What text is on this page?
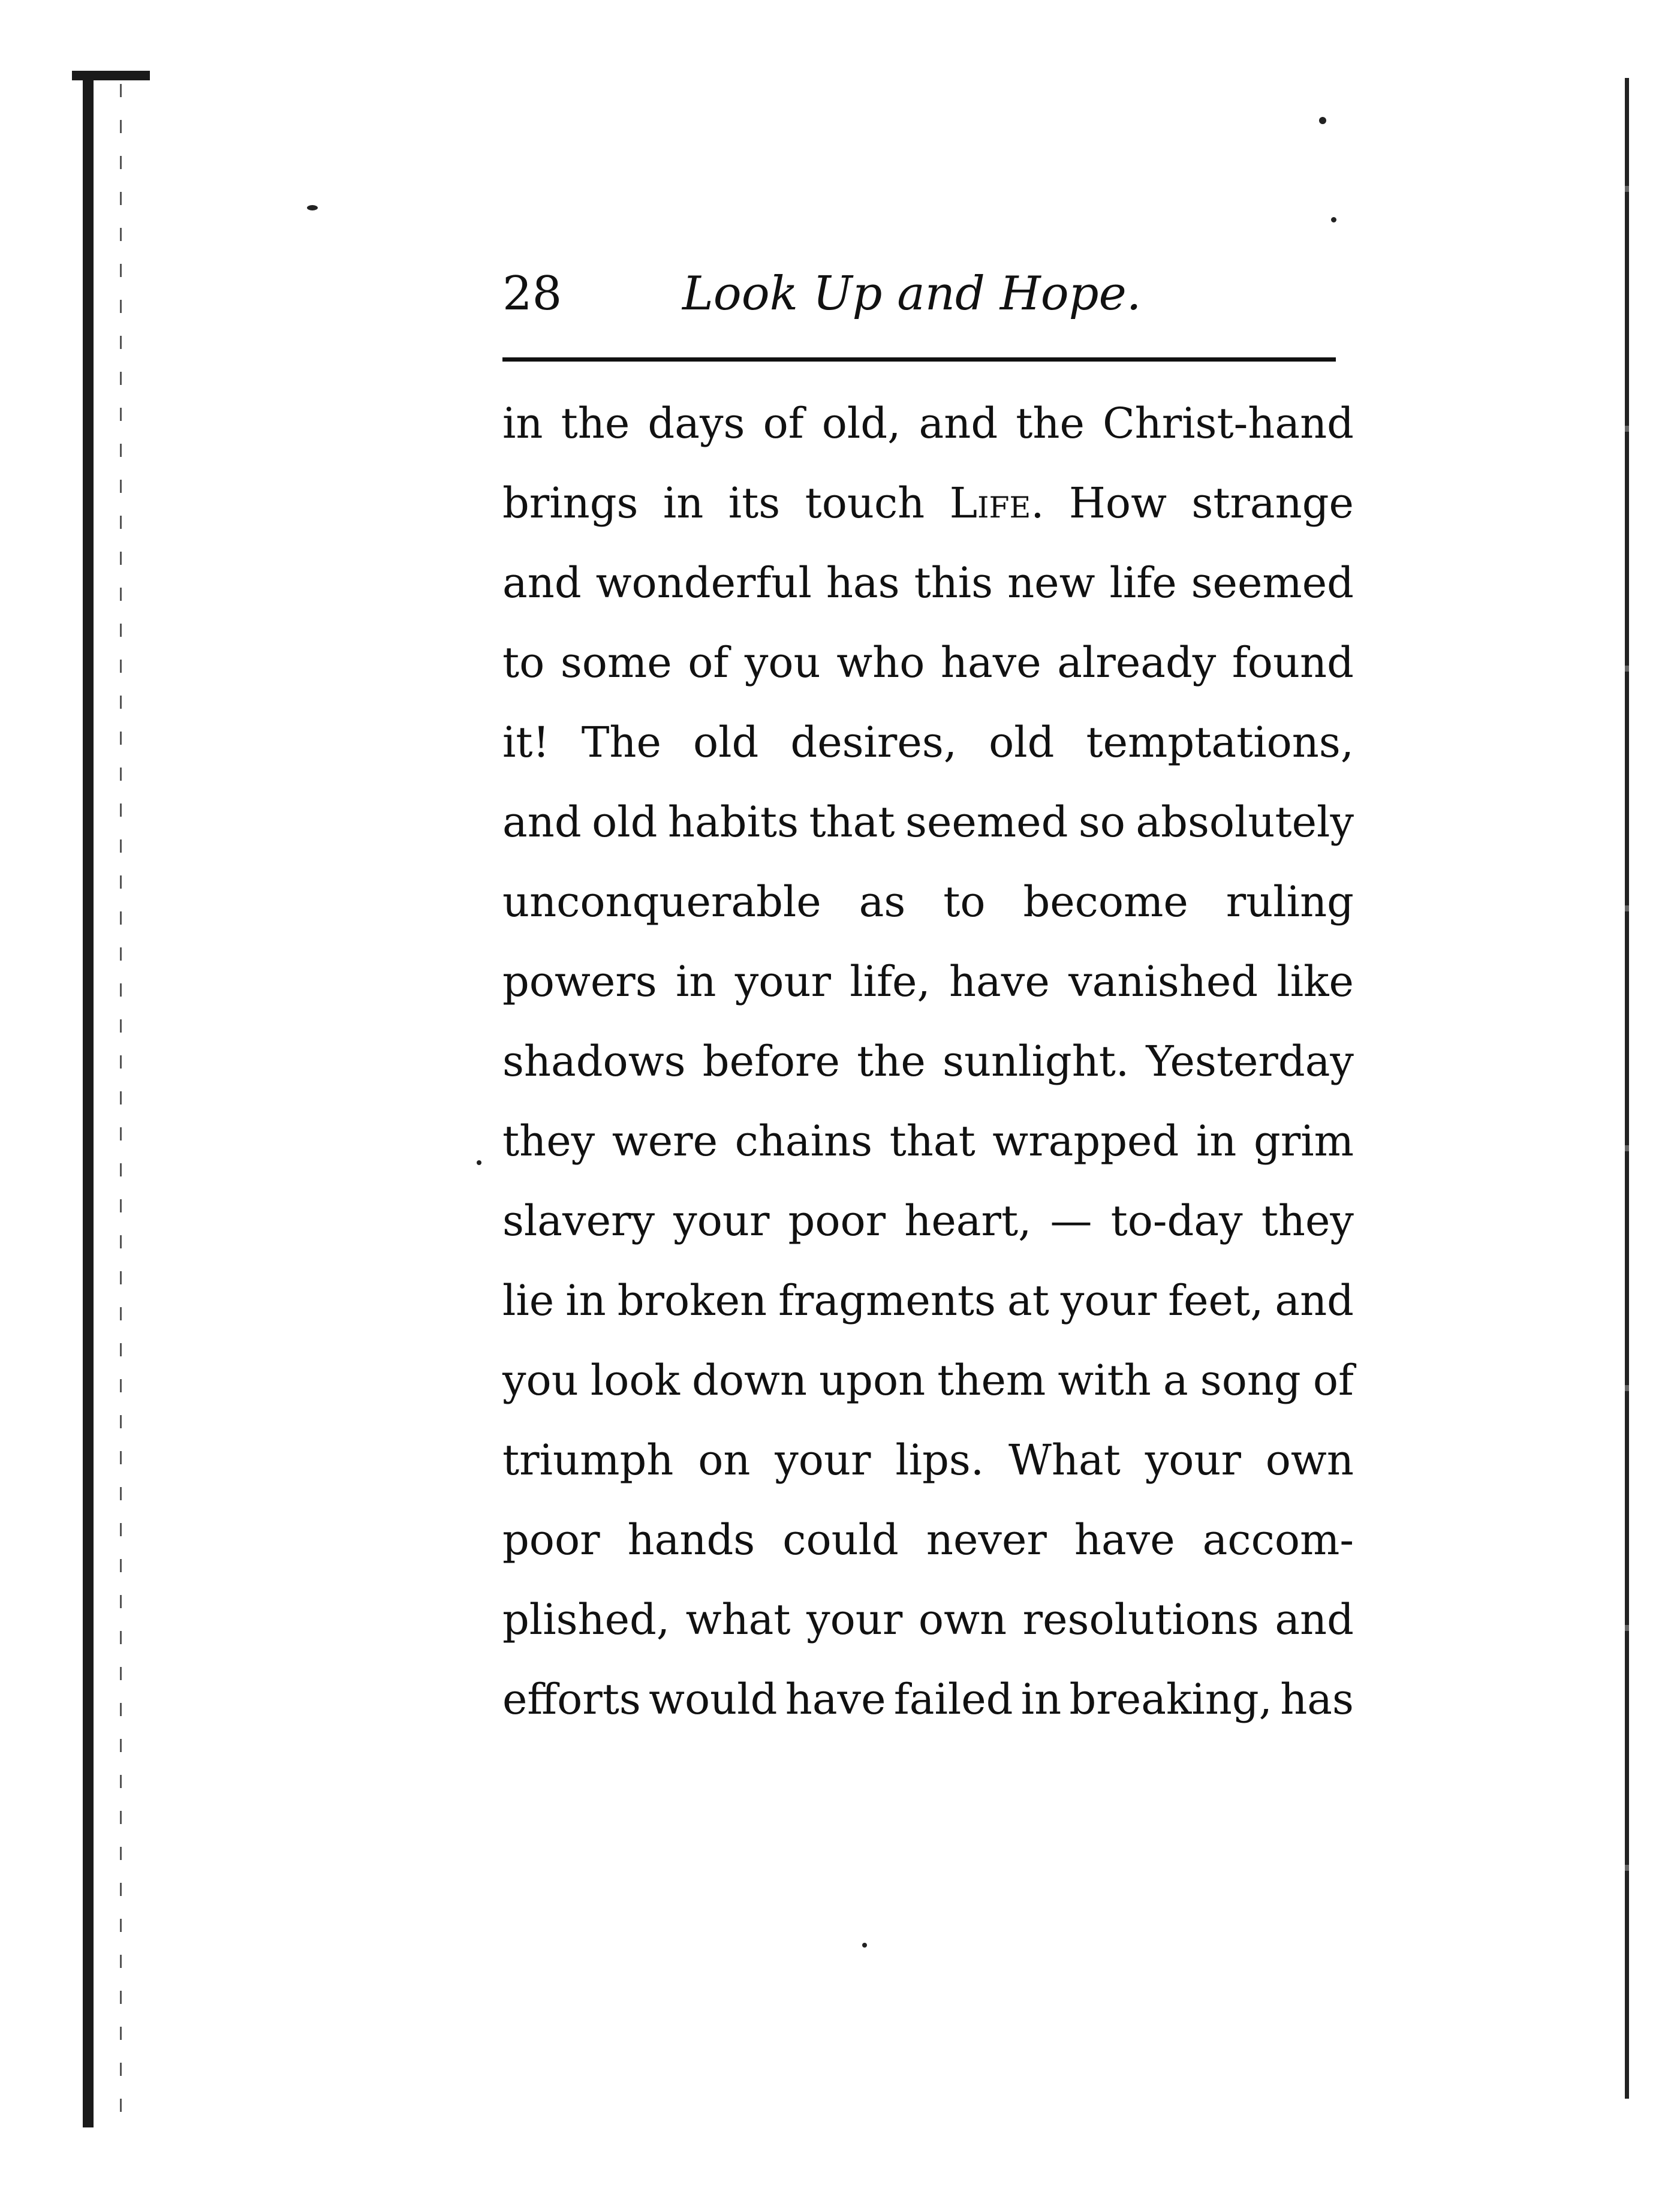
28	Look Up and Hope.
in the days of old, and the Christ-hand
brings in its touch Life. How strange
and wonderful has this new life seemed
to some of you who have already found
it! The old desires, old temptations,
and old habits that seemed so absolutely
unconquerable as to become ruling
powers in your life, have vanished like
shadows before the sunlight. Yesterday
they were chains that wrapped in grim
slavery your poor heart, — to-day they
lie in broken fragments at your feet, and
you look down upon them with a song of
triumph on your lips. What your own
poor hands could never have accom-
plished, what your own resolutions and
efforts would have failed in breaking, has
